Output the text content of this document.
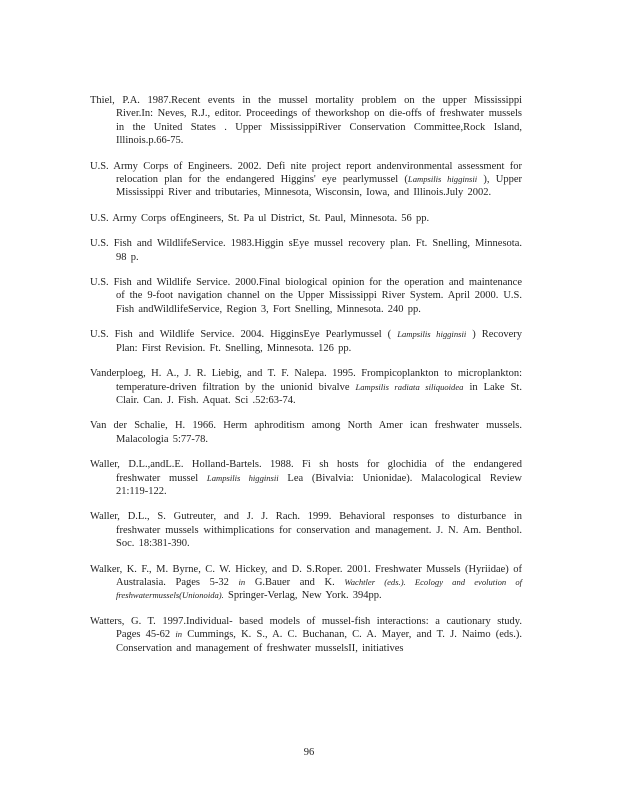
Thiel, P.A. 1987.Recent events in the mussel mortality problem on the upper Mississippi River.In: Neves, R.J., editor. Proceedings of theworkshop on die-offs of freshwater mussels in the United States . Upper MississippiRiver Conservation Committee,Rock Island, Illinois.p.66-75.

U.S. Army Corps of Engineers. 2002. Defi nite project report andenvironmental assessment for relocation plan for the endangered Higgins' eye pearlymussel (Lampsilis higginsii ), Upper Mississippi River and tributaries, Minnesota, Wisconsin, Iowa, and Illinois.July 2002.

U.S. Army Corps ofEngineers, St. Pa ul District, St. Paul, Minnesota. 56 pp.

U.S. Fish and WildlifeService. 1983.Higgin sEye mussel recovery plan. Ft. Snelling, Minnesota. 98 p.

U.S. Fish and Wildlife Service. 2000.Final biological opinion for the operation and maintenance of the 9-foot navigation channel on the Upper Mississippi River System. April 2000. U.S. Fish andWildlifeService, Region 3, Fort Snelling, Minnesota. 240 pp.

U.S. Fish and Wildlife Service. 2004. HigginsEye Pearlymussel ( Lampsilis higginsii ) Recovery Plan: First Revision. Ft. Snelling, Minnesota. 126 pp.

Vanderploeg, H. A., J. R. Liebig, and T. F. Nalepa. 1995. Frompicoplankton to microplankton: temperature-driven filtration by the unionid bivalve Lampsilis radiata siliquoidea in Lake St. Clair. Can. J. Fish. Aquat. Sci .52:63-74.

Van der Schalie, H. 1966. Herm aphroditism among North Amer ican freshwater mussels. Malacologia 5:77-78.

Waller, D.L.,andL.E. Holland-Bartels. 1988. Fi sh hosts for glochidia of the endangered freshwater mussel Lampsilis higginsii Lea (Bivalvia: Unionidae). Malacological Review 21:119-122.

Waller, D.L., S. Gutreuter, and J. J. Rach. 1999. Behavioral responses to disturbance in freshwater mussels withimplications for conservation and management. J. N. Am. Benthol. Soc. 18:381-390.

Walker, K. F., M. Byrne, C. W. Hickey, and D. S.Roper. 2001. Freshwater Mussels (Hyriidae) of Australasia. Pages 5-32 in G.Bauer and K. Wachtler (eds.). Ecology and evolution of freshwatermussels(Unionoida). Springer-Verlag, New York. 394pp.

Watters, G. T. 1997.Individual- based models of mussel-fish interactions: a cautionary study. Pages 45-62 in Cummings, K. S., A. C. Buchanan, C. A. Mayer, and T. J. Naimo (eds.). Conservation and management of freshwater musselsII, initiatives

96
